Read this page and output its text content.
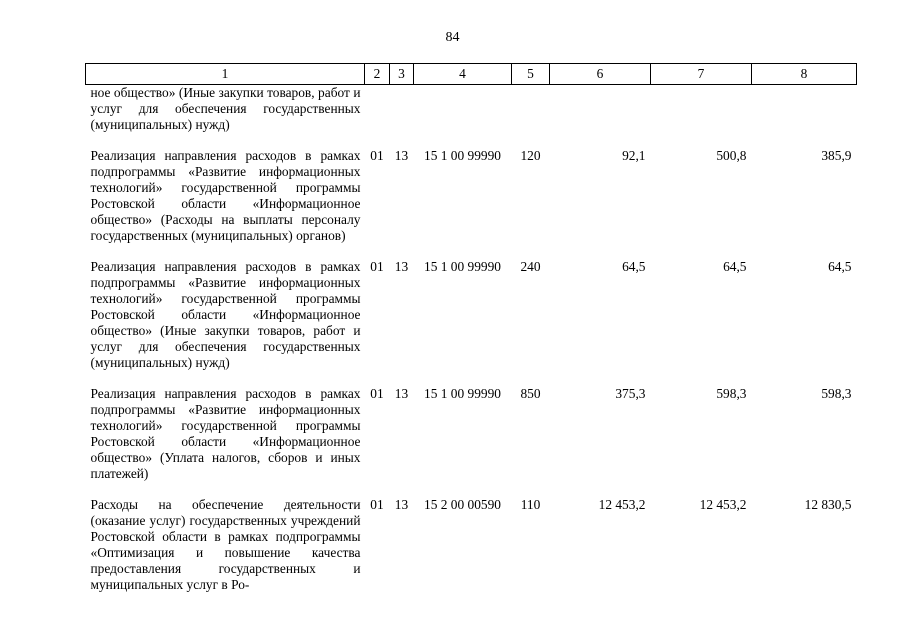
84
1	2	3	4	5	6	7	8
ное общество» (Иные закупки товаров, работ и услуг для обеспечения государственных (муниципальных) нужд)							

Реализация направления расходов в рамках подпрограммы «Развитие информационных технологий» государственной программы Ростовской области «Информационное общество» (Расходы на выплаты персоналу государственных (муниципальных) органов)	01	13	15 1 00 99990	120	92,1	500,8	385,9

Реализация направления расходов в рамках подпрограммы «Развитие информационных технологий» государственной программы Ростовской области «Информационное общество» (Иные закупки товаров, работ и услуг для обеспечения государственных (муниципальных) нужд)	01	13	15 1 00 99990	240	64,5	64,5	64,5

Реализация направления расходов в рамках подпрограммы «Развитие информационных технологий» государственной программы Ростовской области «Информационное общество» (Уплата налогов, сборов и иных платежей)	01	13	15 1 00 99990	850	375,3	598,3	598,3

Расходы на обеспечение деятельности (оказание услуг) государственных учреждений Ростовской области в рамках подпрограммы «Оптимизация и повышение качества предоставления государственных и муниципальных услуг в Ро-	01	13	15 2 00 00590	110	12 453,2	12 453,2	12 830,5
